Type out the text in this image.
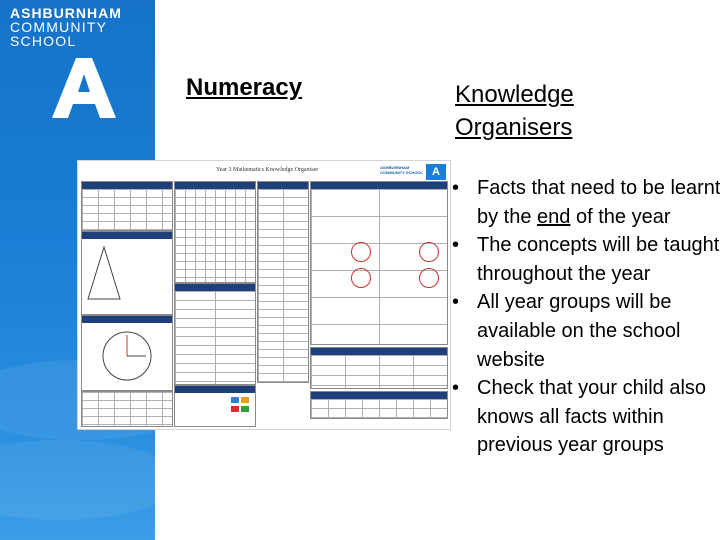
ASHBURNHAM
COMMUNITY
SCHOOL
Numeracy	Knowledge
Organisers
• Facts that need to be learnt by the end of the year
• The concepts will be taught throughout the year
• All year groups will be available on the school website
• Check that your child also knows all facts within previous year groups
Year 3 Mathematics Knowledge Organiser	ASHBURNHAM
COMMUNITY SCHOOL A
